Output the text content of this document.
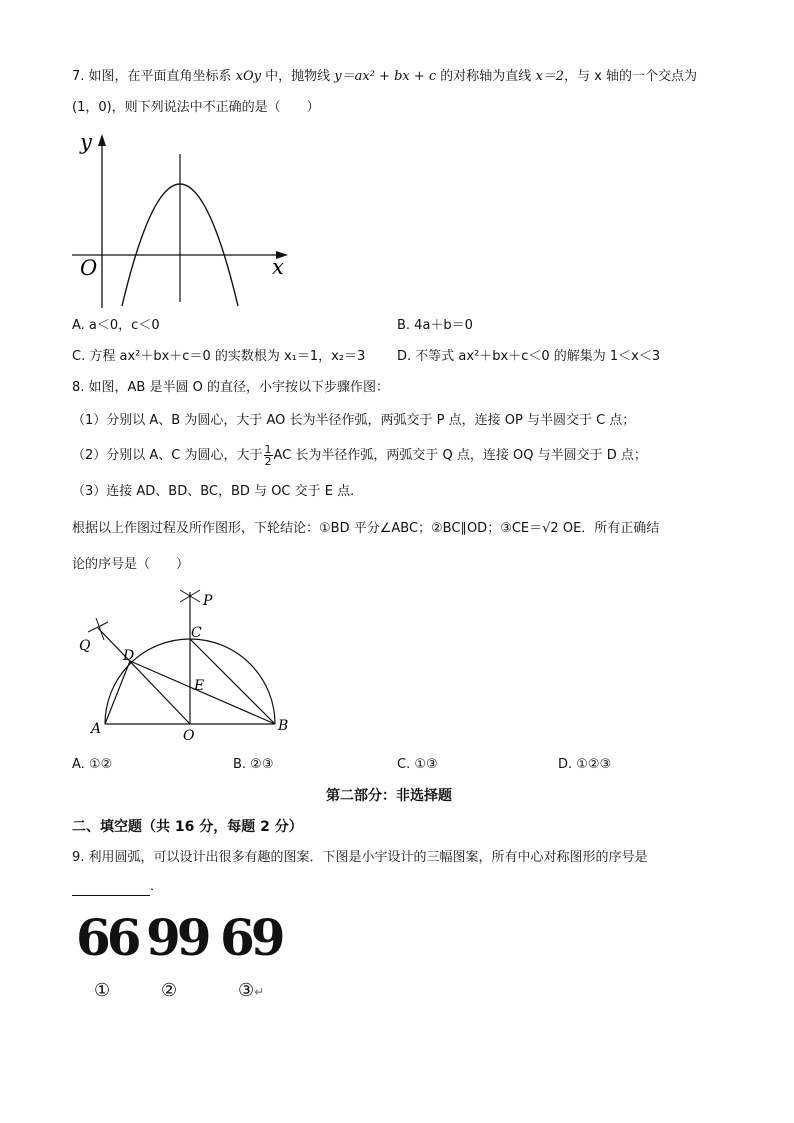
7. 如图，在平面直角坐标系 xOy 中，抛物线 y＝ax² + bx + c 的对称轴为直线 x＝2，与 x 轴的一个交点为
(1，0)，则下列说法中不正确的是（　　）
y
x
O
A. a＜0，c＜0	B. 4a＋b＝0
C. 方程 ax²＋bx＋c＝0 的实数根为 x₁＝1，x₂＝3 D. 不等式 ax²＋bx＋c＜0 的解集为 1＜x＜3
8. 如图，AB 是半圆 O 的直径，小宇按以下步骤作图：
（1）分别以 A、B 为圆心，大于 AO 长为半径作弧，两弧交于 P 点，连接 OP 与半圆交于 C 点；
（2）分别以 A、C 为圆心，大于 $\frac{1}{2}$ AC 长为半径作弧，两弧交于 Q 点，连接 OQ 与半圆交于 D 点；
（3）连接 AD、BD、BC，BD 与 OC 交于 E 点.
根据以上作图过程及所作图形，下轮结论：①BD 平分∠ABC；②BC∥OD；③CE＝√2 OE．所有正确结
论的序号是（　　）
P
C
Q
D
E
A	O
B
A. ①②	B. ②③	C. ①③	D. ①②③
第二部分：非选择题
二、填空题（共 16 分，每题 2 分）
9. 利用圆弧，可以设计出很多有趣的图案．下图是小宇设计的三幅图案，所有中心对称图形的序号是
．
66 99 69
①	②	③↵
